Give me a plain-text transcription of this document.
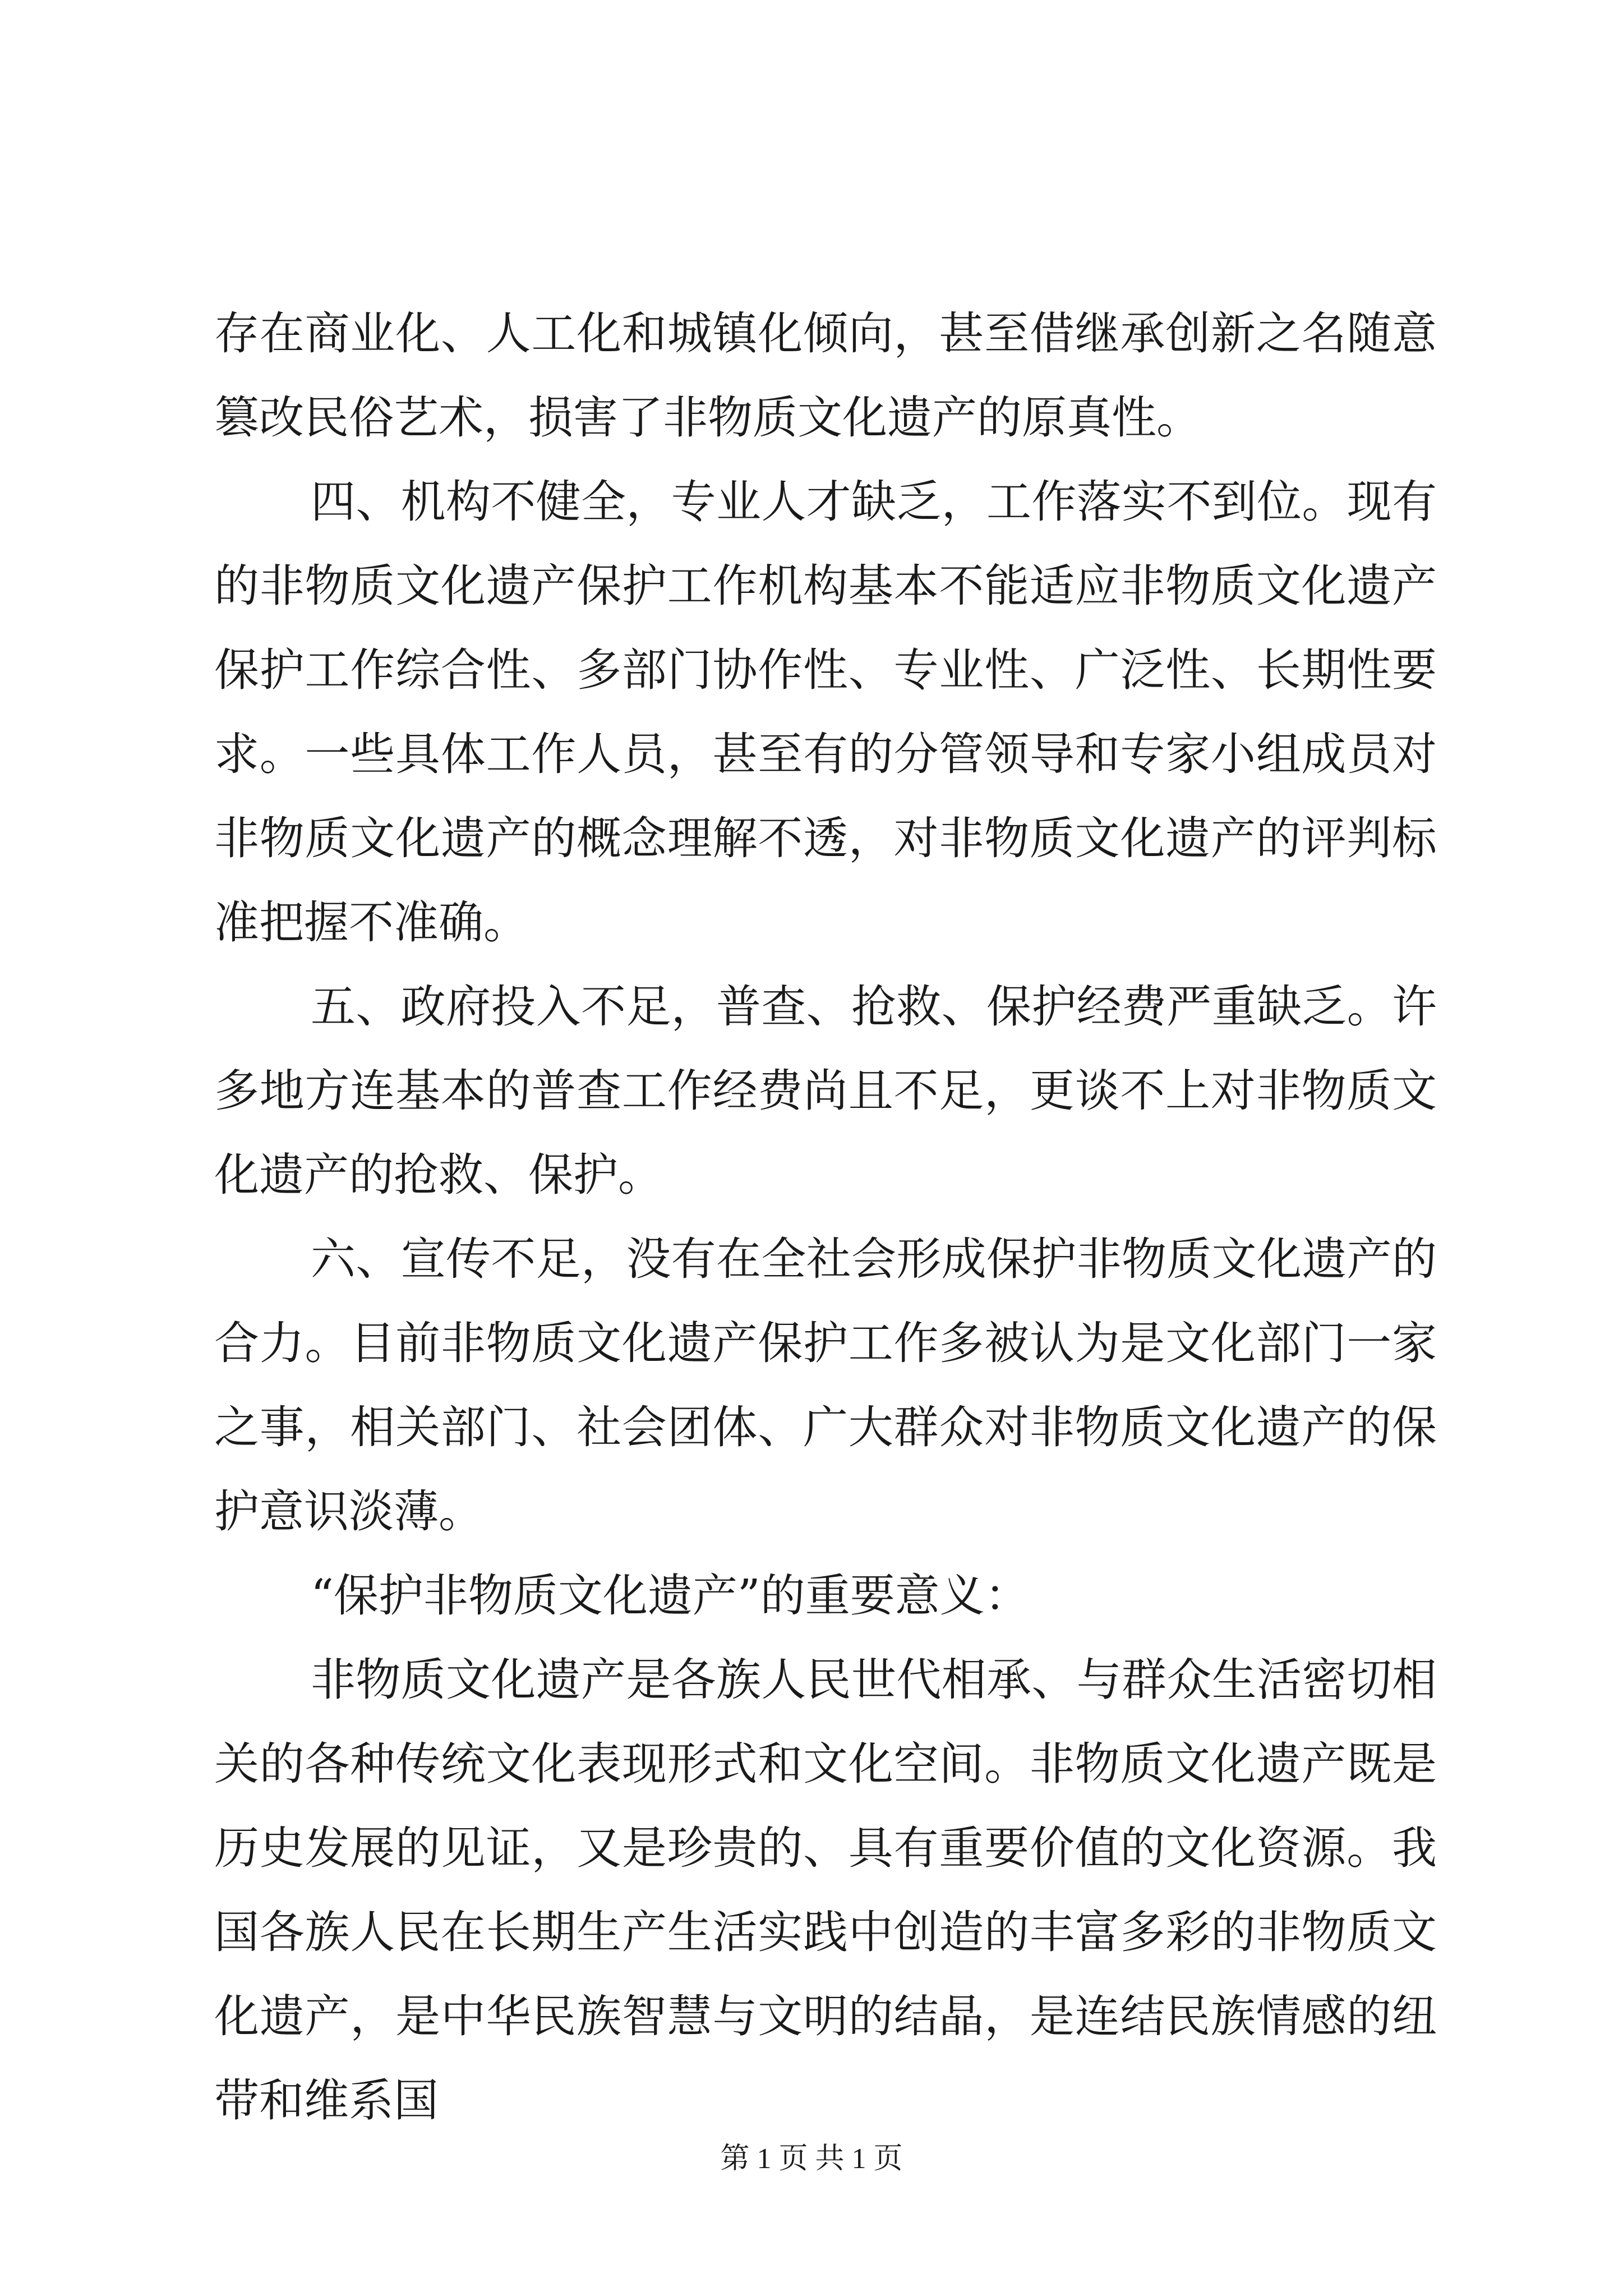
存在商业化、人工化和城镇化倾向，甚至借继承创新之名随意篡改民俗艺术，损害了非物质文化遗产的原真性。

四、机构不健全，专业人才缺乏，工作落实不到位。现有的非物质文化遗产保护工作机构基本不能适应非物质文化遗产保护工作综合性、多部门协作性、专业性、广泛性、长期性要求。一些具体工作人员，甚至有的分管领导和专家小组成员对非物质文化遗产的概念理解不透，对非物质文化遗产的评判标准把握不准确。

五、政府投入不足，普查、抢救、保护经费严重缺乏。许多地方连基本的普查工作经费尚且不足，更谈不上对非物质文化遗产的抢救、保护。

六、宣传不足，没有在全社会形成保护非物质文化遗产的合力。目前非物质文化遗产保护工作多被认为是文化部门一家之事，相关部门、社会团体、广大群众对非物质文化遗产的保护意识淡薄。

“保护非物质文化遗产”的重要意义：

非物质文化遗产是各族人民世代相承、与群众生活密切相关的各种传统文化表现形式和文化空间。非物质文化遗产既是历史发展的见证，又是珍贵的、具有重要价值的文化资源。我国各族人民在长期生产生活实践中创造的丰富多彩的非物质文化遗产，是中华民族智慧与文明的结晶，是连结民族情感的纽带和维系国

第 1 页 共 1 页
